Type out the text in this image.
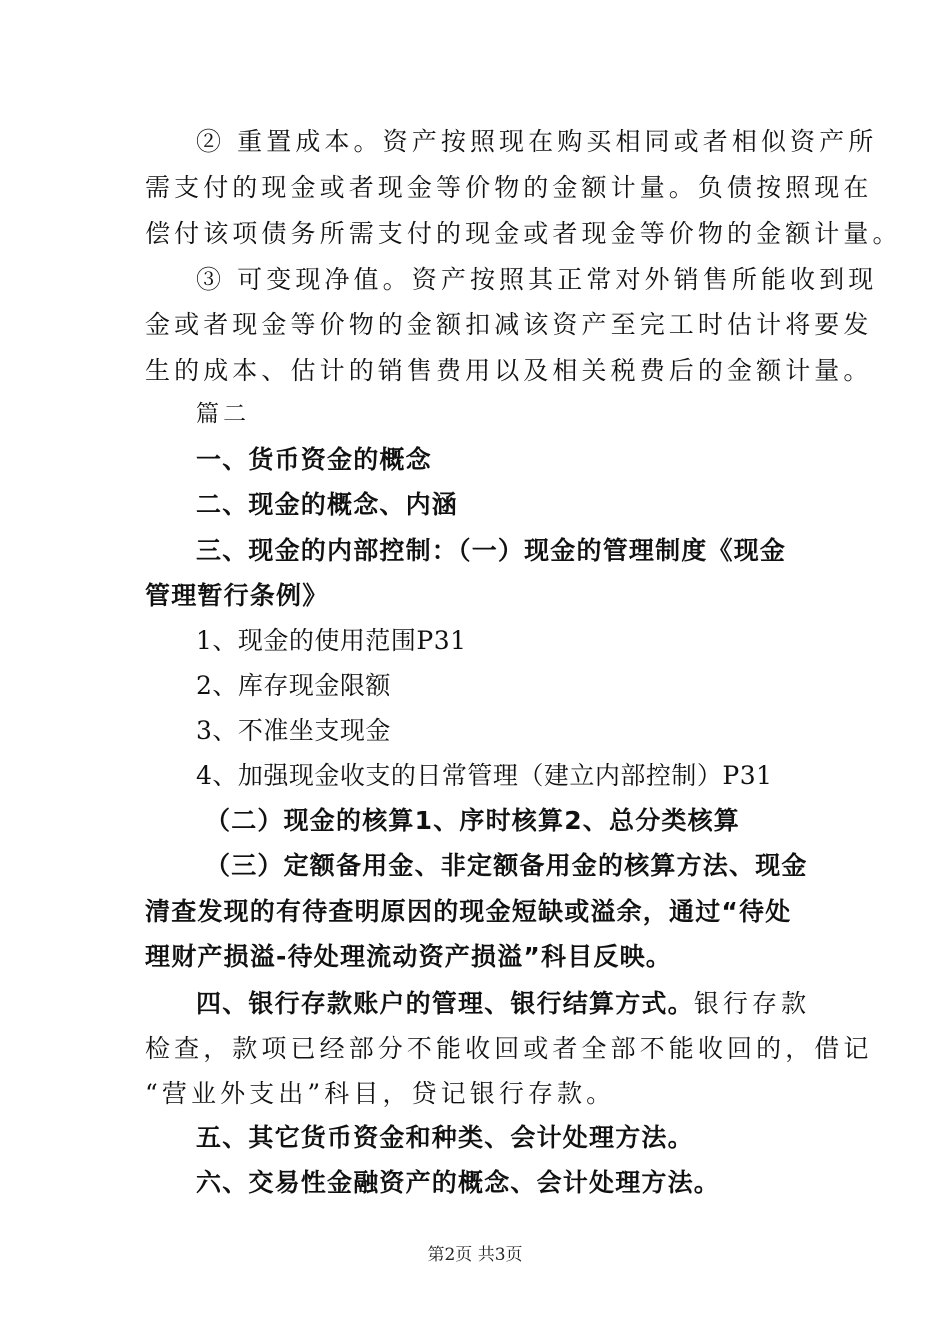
② 重置成本。资产按照现在购买相同或者相似资产所
需支付的现金或者现金等价物的金额计量。负债按照现在
偿付该项债务所需支付的现金或者现金等价物的金额计量。
③ 可变现净值。资产按照其正常对外销售所能收到现
金或者现金等价物的金额扣减该资产至完工时估计将要发
生的成本、估计的销售费用以及相关税费后的金额计量。
篇二
一、货币资金的概念
二、现金的概念、内涵
三、现金的内部控制：（一）现金的管理制度《现金
管理暂行条例》
1、现金的使用范围P31
2、库存现金限额
3、不准坐支现金
4、加强现金收支的日常管理（建立内部控制）P31
（二）现金的核算1、序时核算2、总分类核算
（三）定额备用金、非定额备用金的核算方法、现金
清查发现的有待查明原因的现金短缺或溢余，通过“待处
理财产损溢-待处理流动资产损溢”科目反映。
四、银行存款账户的管理、银行结算方式。银行存款
检查，款项已经部分不能收回或者全部不能收回的，借记
“营业外支出”科目，贷记银行存款。
五、其它货币资金和种类、会计处理方法。
六、交易性金融资产的概念、会计处理方法。
第2页 共3页
